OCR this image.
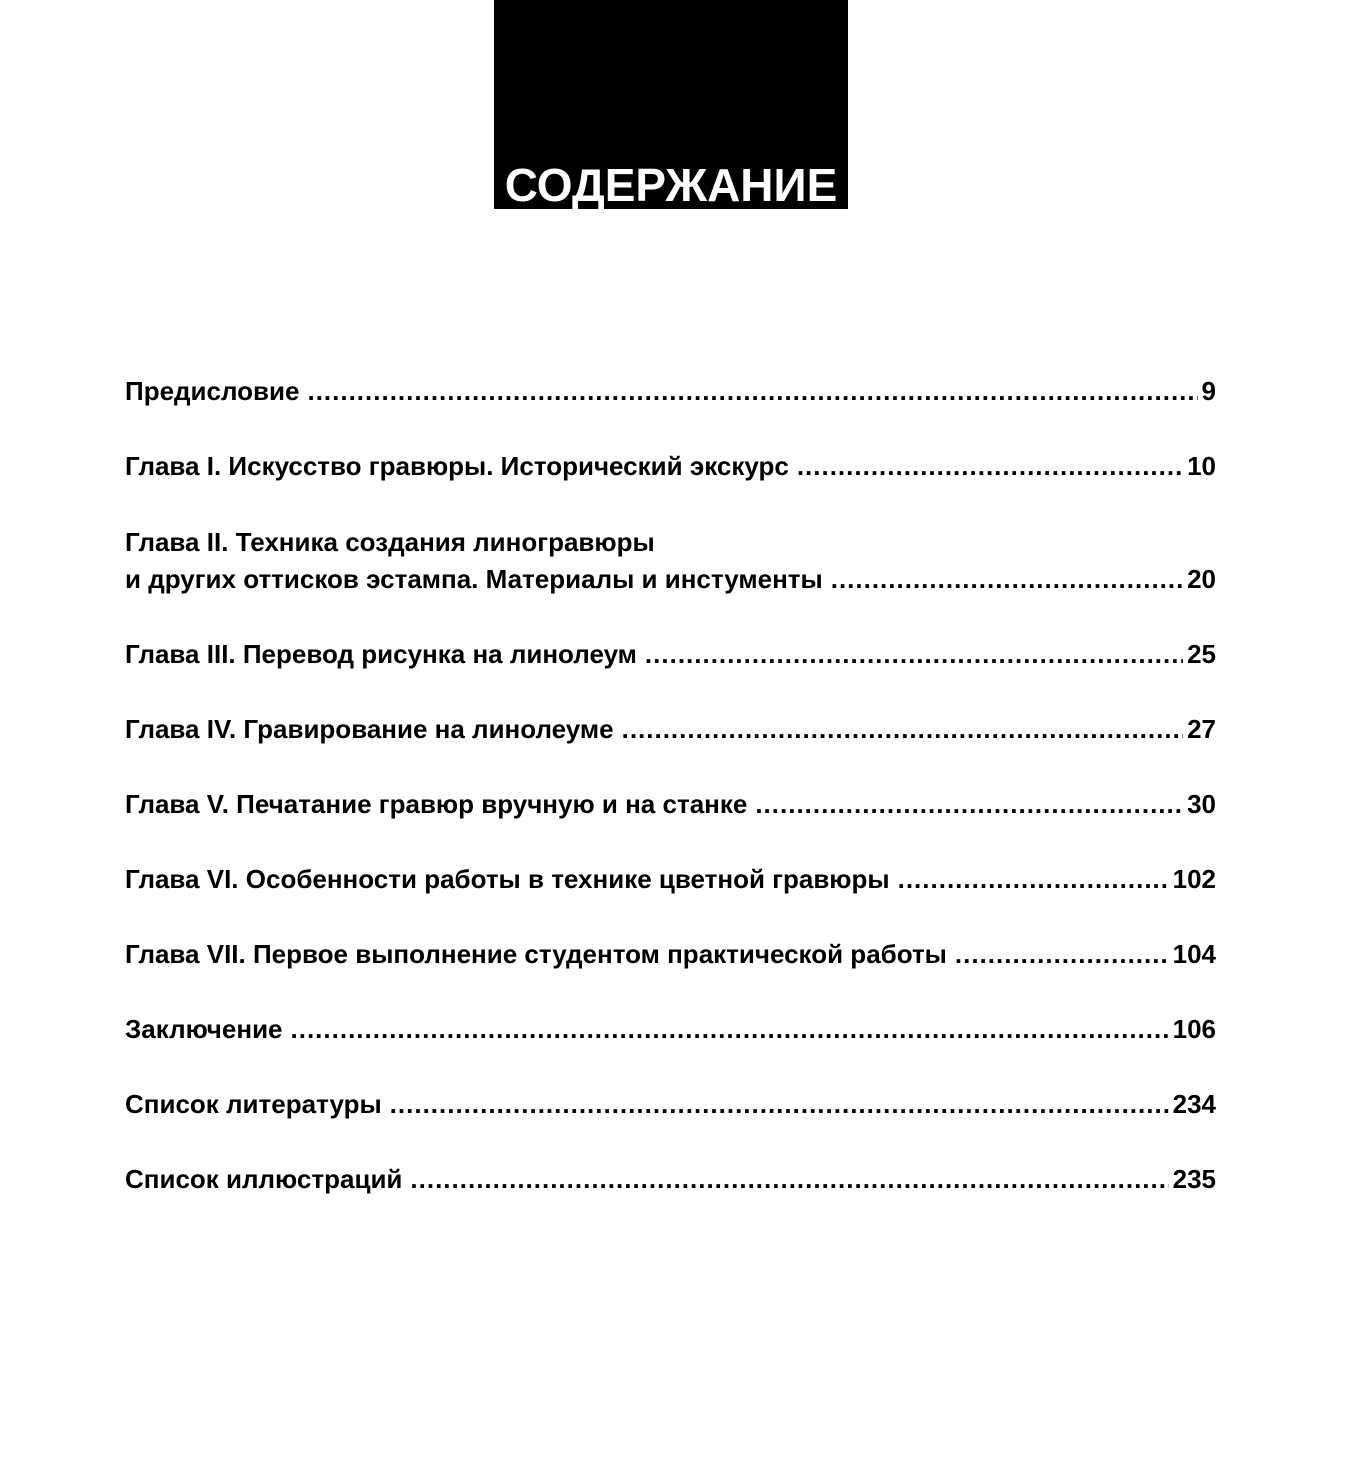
СОДЕРЖАНИЕ
Предисловие .....	9
Глава I. Искусство гравюры. Исторический экскурс .....	10
Глава II. Техника создания линогравюры
и других оттисков эстампа. Материалы и инстументы .....	20
Глава III. Перевод рисунка на линолеум .....	25
Глава IV. Гравирование на линолеуме .....	27
Глава V. Печатание гравюр вручную и на станке .....	30
Глава VI. Особенности работы в технике цветной гравюры .....	102
Глава VII. Первое выполнение студентом практической работы .....	104
Заключение .....	106
Список литературы .....	234
Список иллюстраций .....	235
